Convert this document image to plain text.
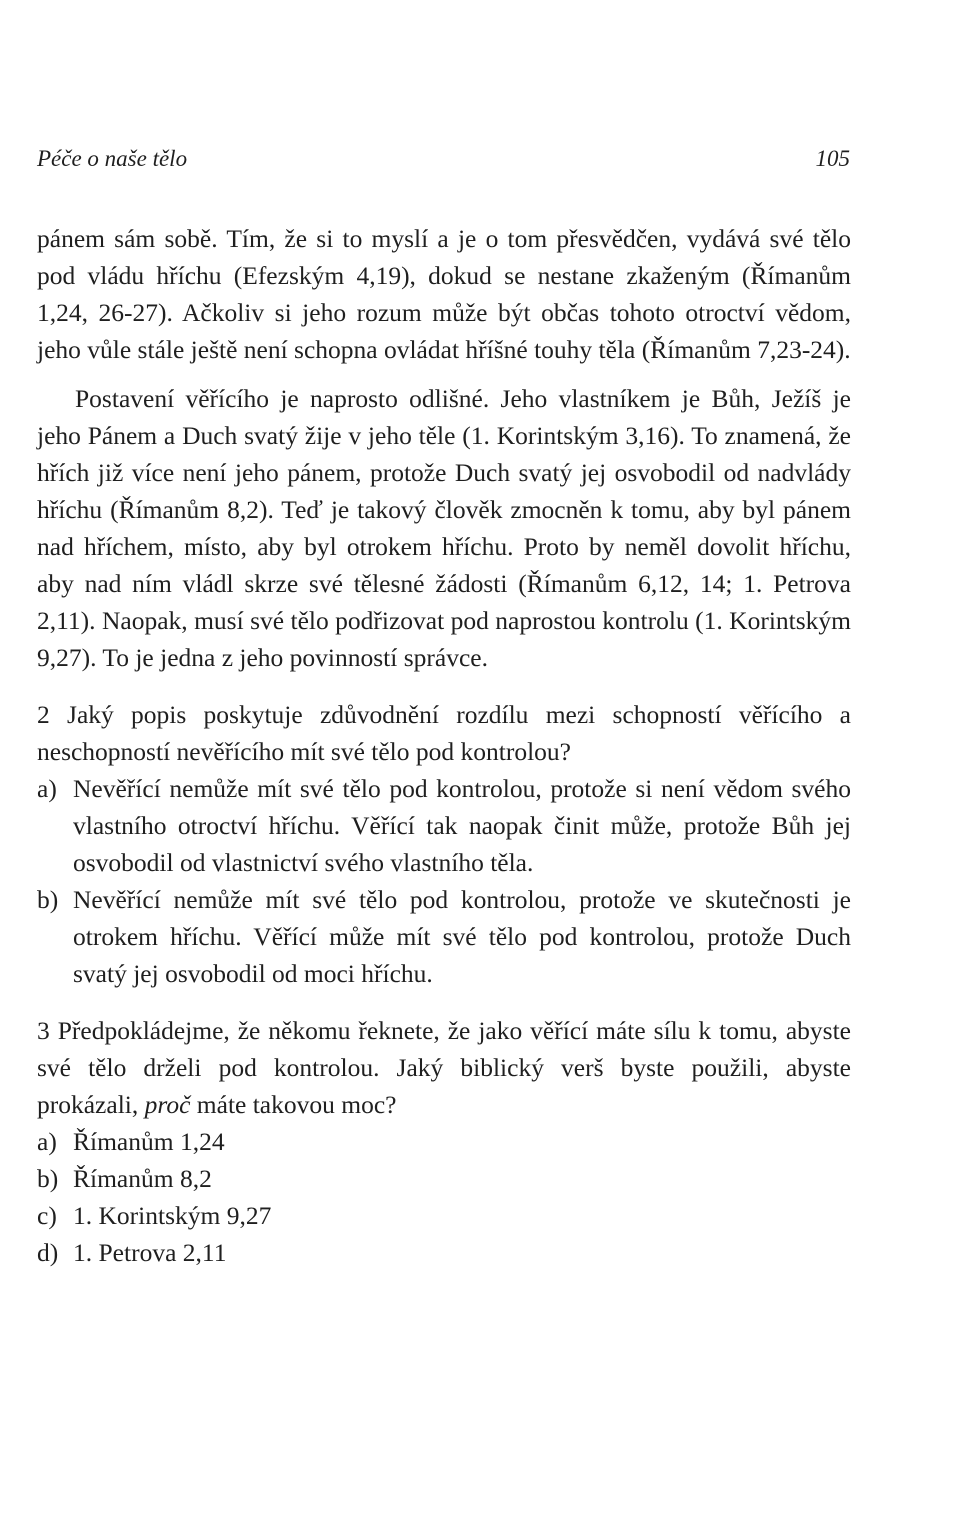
Péče o naše tělo	105

pánem sám sobě. Tím, že si to myslí a je o tom přesvědčen, vydává své tělo pod vládu hříchu (Efezským 4,19), dokud se nestane zkaženým (Římanům 1,24, 26-27). Ačkoliv si jeho rozum může být občas tohoto otroctví vědom, jeho vůle stále ještě není schopna ovládat hříšné touhy těla (Římanům 7,23-24).

Postavení věřícího je naprosto odlišné. Jeho vlastníkem je Bůh, Ježíš je jeho Pánem a Duch svatý žije v jeho těle (1. Korintským 3,16). To znamená, že hřích již více není jeho pánem, protože Duch svatý jej osvobodil od nadvlády hříchu (Římanům 8,2). Teď je takový člověk zmocněn k tomu, aby byl pánem nad hříchem, místo, aby byl otrokem hříchu. Proto by neměl dovolit hříchu, aby nad ním vládl skrze své tělesné žádosti (Římanům 6,12, 14; 1. Petrova 2,11). Naopak, musí své tělo podřizovat pod naprostou kontrolu (1. Korintským 9,27). To je jedna z jeho povinností správce.

2 Jaký popis poskytuje zdůvodnění rozdílu mezi schopností věřícího a neschopností nevěřícího mít své tělo pod kontrolou?

a) Nevěřící nemůže mít své tělo pod kontrolou, protože si není vědom svého vlastního otroctví hříchu. Věřící tak naopak činit může, protože Bůh jej osvobodil od vlastnictví svého vlastního těla.
b) Nevěřící nemůže mít své tělo pod kontrolou, protože ve skutečnosti je otrokem hříchu. Věřící může mít své tělo pod kontrolou, protože Duch svatý jej osvobodil od moci hříchu.

3 Předpokládejme, že někomu řeknete, že jako věřící máte sílu k tomu, abyste své tělo drželi pod kontrolou. Jaký biblický verš byste použili, abyste prokázali, proč máte takovou moc?

a) Římanům 1,24
b) Římanům 8,2
c) 1. Korintským 9,27
d) 1. Petrova 2,11
